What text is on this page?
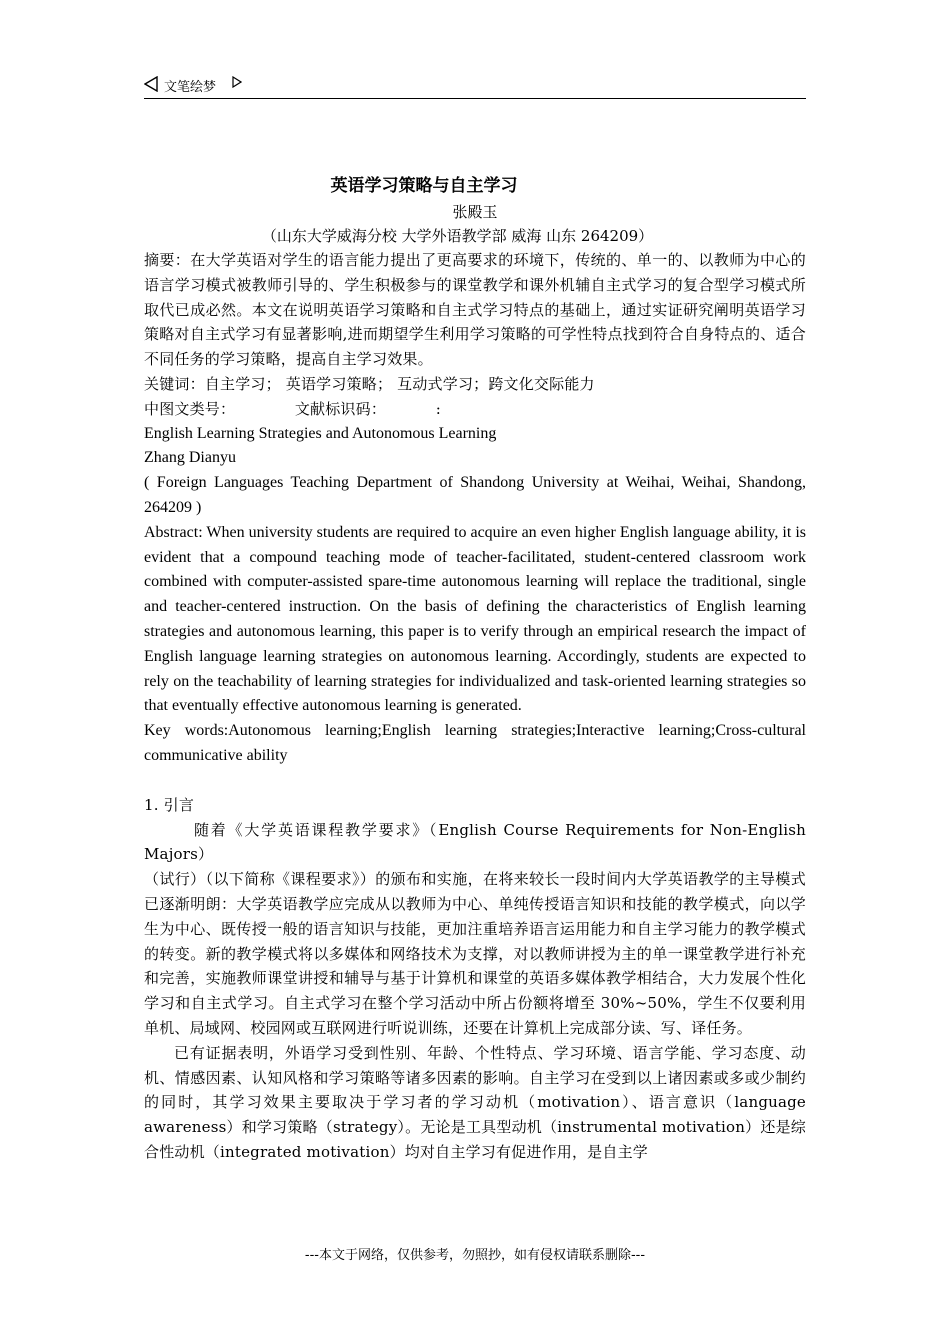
文笔绘梦
英语学习策略与自主学习
张殿玉
（山东大学威海分校 大学外语教学部 威海 山东 264209）

摘要：在大学英语对学生的语言能力提出了更高要求的环境下，传统的、单一的、以教师为中心的语言学习模式被教师引导的、学生积极参与的课堂教学和课外机辅自主式学习的复合型学习模式所取代已成必然。本文在说明英语学习策略和自主式学习特点的基础上，通过实证研究阐明英语学习策略对自主式学习有显著影响,进而期望学生利用学习策略的可学性特点找到符合自身特点的、适合不同任务的学习策略，提高自主学习效果。

关键词：自主学习； 英语学习策略； 互动式学习；跨文化交际能力

中图文类号：            文献标识码：          :

English Learning Strategies and Autonomous Learning

Zhang Dianyu

( Foreign Languages Teaching Department of Shandong University at Weihai, Weihai, Shandong, 264209 )

Abstract: When university students are required to acquire an even higher English language ability, it is evident that a compound teaching mode of teacher-facilitated, student-centered classroom work combined with computer-assisted spare-time autonomous learning will replace the traditional, single and teacher-centered instruction. On the basis of defining the characteristics of English learning strategies and autonomous learning, this paper is to verify through an empirical research the impact of English language learning strategies on autonomous learning. Accordingly, students are expected to rely on the teachability of learning strategies for individualized and task-oriented learning strategies so that eventually effective autonomous learning is generated.

Key words:Autonomous learning;English learning strategies;Interactive learning;Cross-cultural communicative ability

1. 引言

随着《大学英语课程教学要求》（English Course Requirements for Non-English Majors）

（试行）（以下简称《课程要求》）的颁布和实施，在将来较长一段时间内大学英语教学的主导模式已逐渐明朗：大学英语教学应完成从以教师为中心、单纯传授语言知识和技能的教学模式，向以学生为中心、既传授一般的语言知识与技能，更加注重培养语言运用能力和自主学习能力的教学模式的转变。新的教学模式将以多媒体和网络技术为支撑，对以教师讲授为主的单一课堂教学进行补充和完善，实施教师课堂讲授和辅导与基于计算机和课堂的英语多媒体教学相结合，大力发展个性化学习和自主式学习。自主式学习在整个学习活动中所占份额将增至 30%~50%，学生不仅要利用单机、局域网、校园网或互联网进行听说训练，还要在计算机上完成部分读、写、译任务。

已有证据表明，外语学习受到性别、年龄、个性特点、学习环境、语言学能、学习态度、动机、情感因素、认知风格和学习策略等诸多因素的影响。自主学习在受到以上诸因素或多或少制约的同时，其学习效果主要取决于学习者的学习动机（motivation）、语言意识（language awareness）和学习策略（strategy）。无论是工具型动机（instrumental motivation）还是综合性动机（integrated motivation）均对自主学习有促进作用，是自主学

---本文于网络，仅供参考，勿照抄，如有侵权请联系删除---
